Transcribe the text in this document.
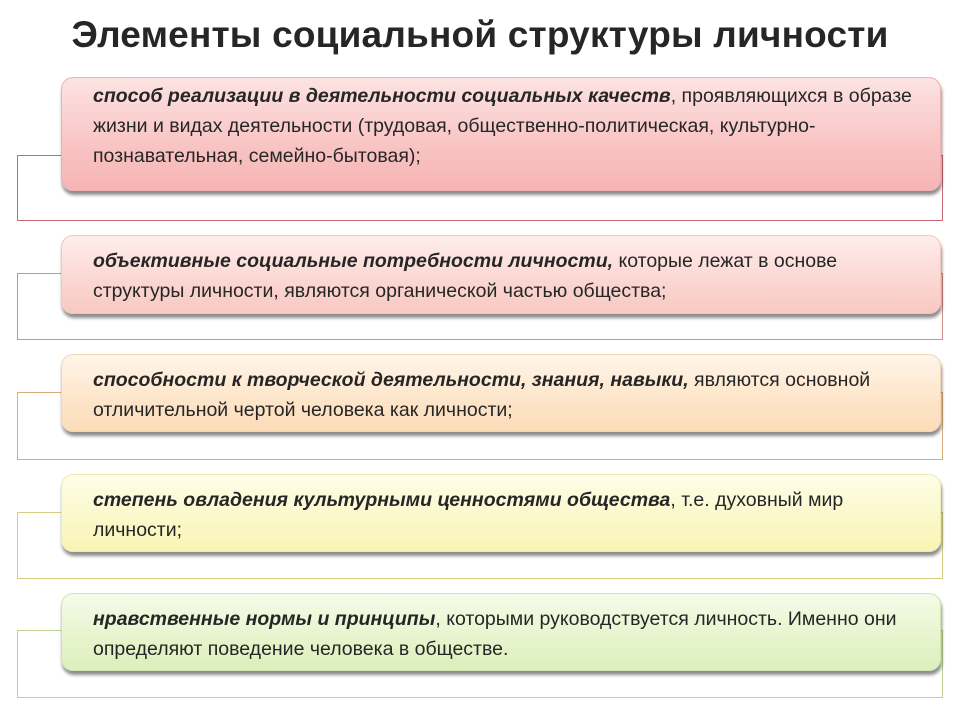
Элементы социальной структуры личности
способ реализации в деятельности социальных качеств, проявляющихся в образе жизни и видах деятельности (трудовая, общественно-политическая, культурно-познавательная, семейно-бытовая);
объективные социальные потребности личности, которые лежат в основе структуры личности, являются органической частью общества;
способности к творческой деятельности, знания, навыки, являются основной отличительной чертой человека как личности;
степень овладения культурными ценностями общества, т.е. духовный мир личности;
нравственные нормы и принципы, которыми руководствуется личность. Именно они определяют поведение человека в обществе.
